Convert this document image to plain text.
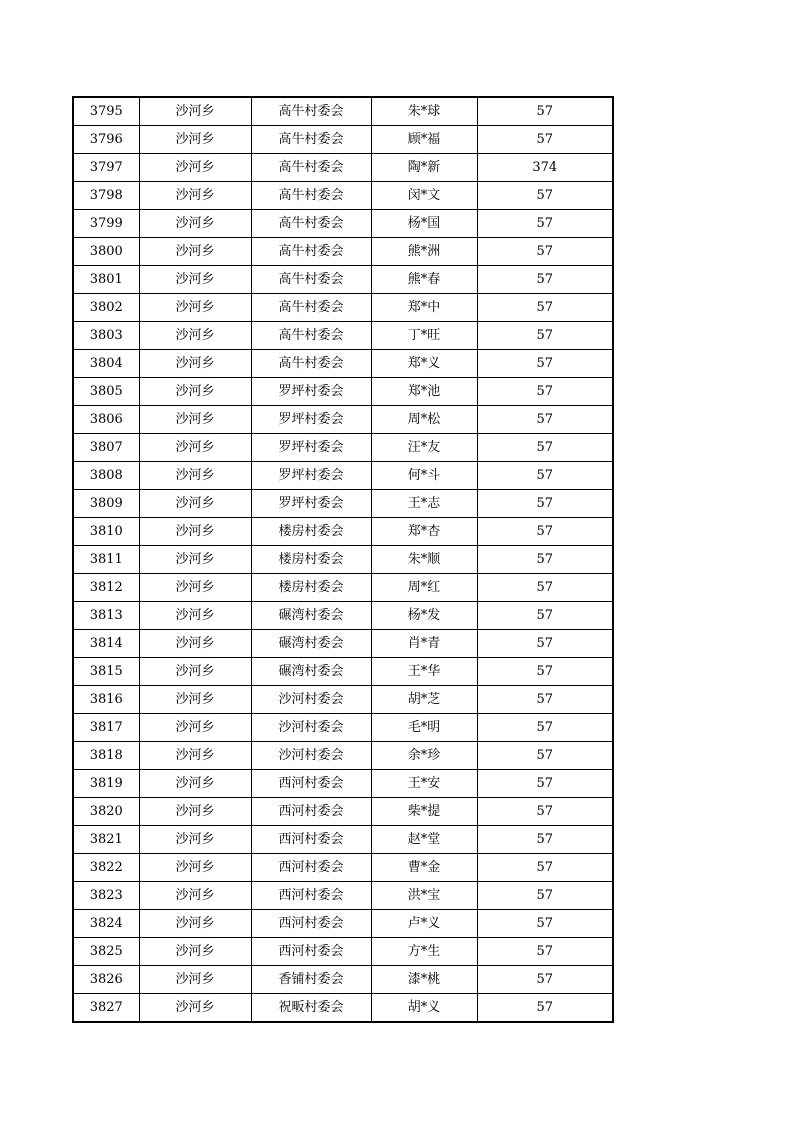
3795	沙河乡	高牛村委会	朱*球	57
3796	沙河乡	高牛村委会	顾*福	57
3797	沙河乡	高牛村委会	陶*新	374
3798	沙河乡	高牛村委会	闵*文	57
3799	沙河乡	高牛村委会	杨*国	57
3800	沙河乡	高牛村委会	熊*洲	57
3801	沙河乡	高牛村委会	熊*春	57
3802	沙河乡	高牛村委会	郑*中	57
3803	沙河乡	高牛村委会	丁*旺	57
3804	沙河乡	高牛村委会	郑*义	57
3805	沙河乡	罗坪村委会	郑*池	57
3806	沙河乡	罗坪村委会	周*松	57
3807	沙河乡	罗坪村委会	汪*友	57
3808	沙河乡	罗坪村委会	何*斗	57
3809	沙河乡	罗坪村委会	王*志	57
3810	沙河乡	楼房村委会	郑*杏	57
3811	沙河乡	楼房村委会	朱*顺	57
3812	沙河乡	楼房村委会	周*红	57
3813	沙河乡	碾湾村委会	杨*发	57
3814	沙河乡	碾湾村委会	肖*青	57
3815	沙河乡	碾湾村委会	王*华	57
3816	沙河乡	沙河村委会	胡*芝	57
3817	沙河乡	沙河村委会	毛*明	57
3818	沙河乡	沙河村委会	余*珍	57
3819	沙河乡	西河村委会	王*安	57
3820	沙河乡	西河村委会	柴*提	57
3821	沙河乡	西河村委会	赵*堂	57
3822	沙河乡	西河村委会	曹*金	57
3823	沙河乡	西河村委会	洪*宝	57
3824	沙河乡	西河村委会	卢*义	57
3825	沙河乡	西河村委会	方*生	57
3826	沙河乡	香铺村委会	漆*桃	57
3827	沙河乡	祝畈村委会	胡*义	57
